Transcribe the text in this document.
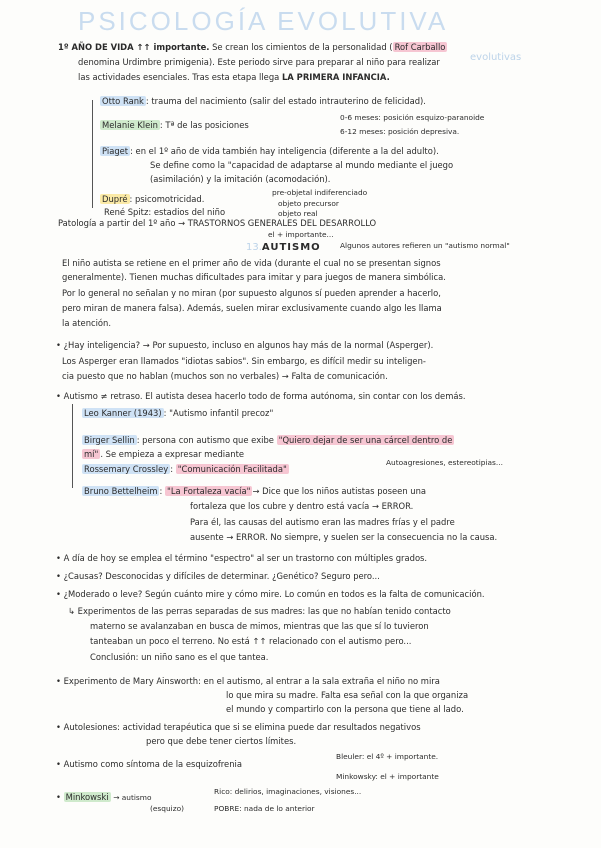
PSICOLOGÍA EVOLUTIVA
evolutivas
1º AÑO DE VIDA ↑↑ importante. Se crean los cimientos de la personalidad ( Rof Carballo
denomina Urdimbre primigenia). Este periodo sirve para preparar al niño para realizar
las actividades esenciales. Tras esta etapa llega LA PRIMERA INFANCIA.
Otto Rank : trauma del nacimiento (salir del estado intrauterino de felicidad).
Melanie Klein : Tª de las posiciones
0-6 meses: posición esquizo-paranoide
6-12 meses: posición depresiva.
Piaget : en el 1º año de vida también hay inteligencia (diferente a la del adulto).
Se define como la "capacidad de adaptarse al mundo mediante el juego
(asimilación) y la imitación (acomodación).
Dupré : psicomotricidad.
pre-objetal indiferenciado
objeto precursor
objeto real
René Spitz: estadios del niño
Patología a partir del 1º año → TRASTORNOS GENERALES DEL DESARROLLO
el + importante...
13.AUTISMO	Algunos autores refieren un "autismo normal"
El niño autista se retiene en el primer año de vida (durante el cual no se presentan signos
generalmente). Tienen muchas dificultades para imitar y para juegos de manera simbólica.
Por lo general no señalan y no miran (por supuesto algunos sí pueden aprender a hacerlo,
pero miran de manera falsa). Además, suelen mirar exclusivamente cuando algo les llama
la atención.
• ¿Hay inteligencia? → Por supuesto, incluso en algunos hay más de la normal (Asperger).
Los Asperger eran llamados "idiotas sabios". Sin embargo, es difícil medir su inteligen-
cia puesto que no hablan (muchos son no verbales) → Falta de comunicación.
• Autismo ≠ retraso. El autista desea hacerlo todo de forma autónoma, sin contar con los demás.
Leo Kanner (1943) : "Autismo infantil precoz"
Birger Sellin : persona con autismo que exibe "Quiero dejar de ser una cárcel dentro de
mí" . Se empieza a expresar mediante
Rossemary Crossley : "Comunicación Facilitada"
Autoagresiones, estereotipias...
Bruno Bettelheim : "La Fortaleza vacía" → Dice que los niños autistas poseen una
fortaleza que los cubre y dentro está vacía → ERROR.
Para él, las causas del autismo eran las madres frías y el padre
ausente → ERROR. No siempre, y suelen ser la consecuencia no la causa.
• A día de hoy se emplea el término "espectro" al ser un trastorno con múltiples grados.
• ¿Causas? Desconocidas y difíciles de determinar. ¿Genético? Seguro pero...
• ¿Moderado o leve? Según cuánto mire y cómo mire. Lo común en todos es la falta de comunicación.
↳ Experimentos de las perras separadas de sus madres: las que no habían tenido contacto
materno se avalanzaban en busca de mimos, mientras que las que sí lo tuvieron
tanteaban un poco el terreno. No está ↑↑ relacionado con el autismo pero...
Conclusión: un niño sano es el que tantea.
• Experimento de Mary Ainsworth: en el autismo, al entrar a la sala extraña el niño no mira
lo que mira su madre. Falta esa señal con la que organiza
el mundo y compartirlo con la persona que tiene al lado.
• Autolesiones: actividad terapéutica que si se elimina puede dar resultados negativos
pero que debe tener ciertos límites.
• Autismo como síntoma de la esquizofrenia
Bleuler: el 4º + importante.
Minkowsky: el + importante
• Minkowski → autismo
(esquizo)
Rico: delirios, imaginaciones, visiones...
POBRE: nada de lo anterior
